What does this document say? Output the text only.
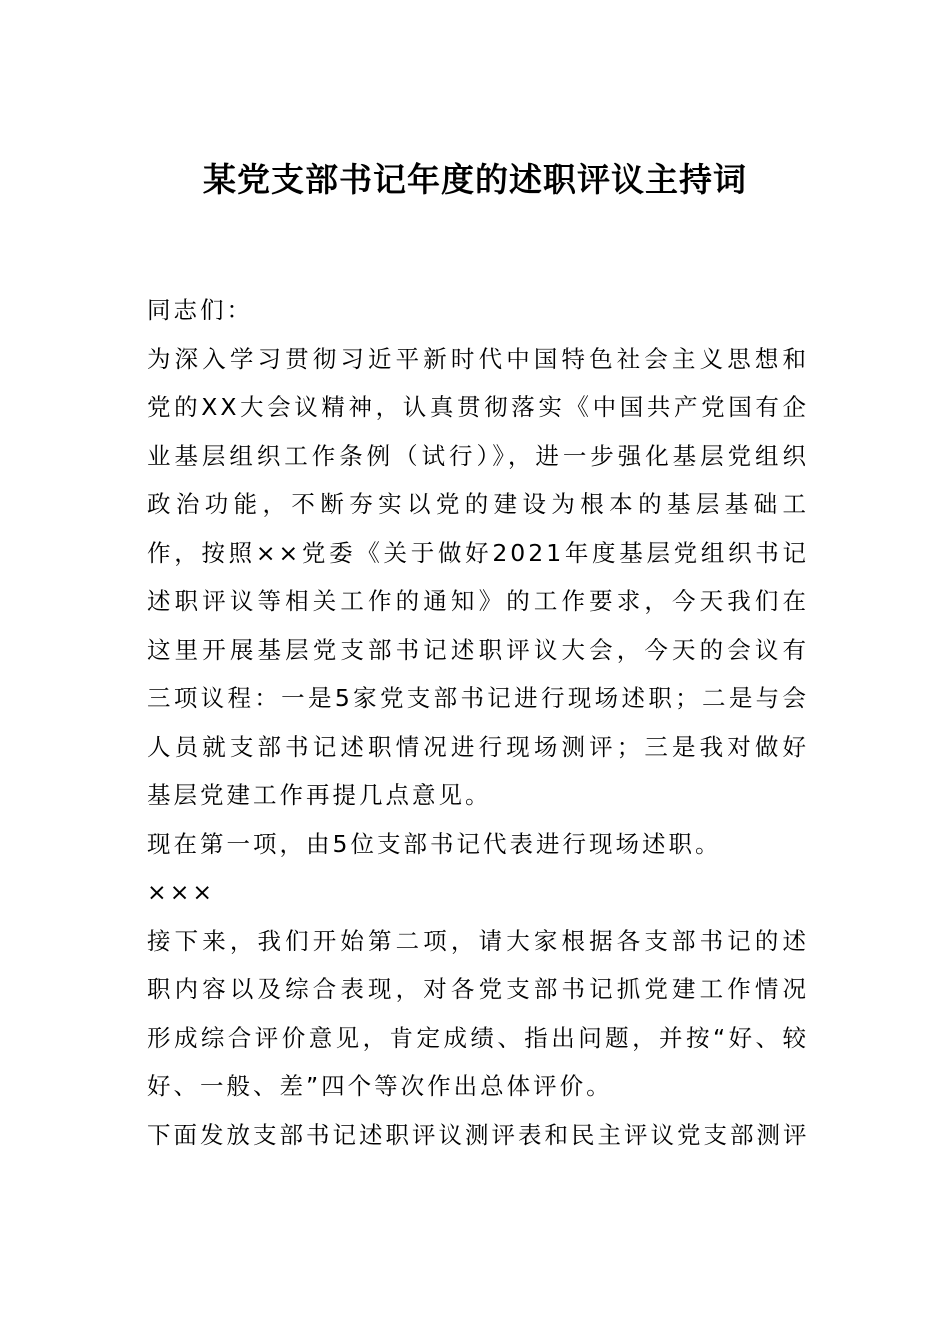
某党支部书记年度的述职评议主持词

同志们：

为深入学习贯彻习近平新时代中国特色社会主义思想和党的XX大会议精神，认真贯彻落实《中国共产党国有企业基层组织工作条例（试行）》，进一步强化基层党组织政治功能，不断夯实以党的建设为根本的基层基础工作，按照××党委《关于做好2021年度基层党组织书记述职评议等相关工作的通知》的工作要求，今天我们在这里开展基层党支部书记述职评议大会，今天的会议有三项议程：一是5家党支部书记进行现场述职；二是与会人员就支部书记述职情况进行现场测评；三是我对做好基层党建工作再提几点意见。

现在第一项，由5位支部书记代表进行现场述职。

×××

接下来，我们开始第二项，请大家根据各支部书记的述职内容以及综合表现，对各党支部书记抓党建工作情况形成综合评价意见，肯定成绩、指出问题，并按“好、较好、一般、差”四个等次作出总体评价。

下面发放支部书记述职评议测评表和民主评议党支部测评
